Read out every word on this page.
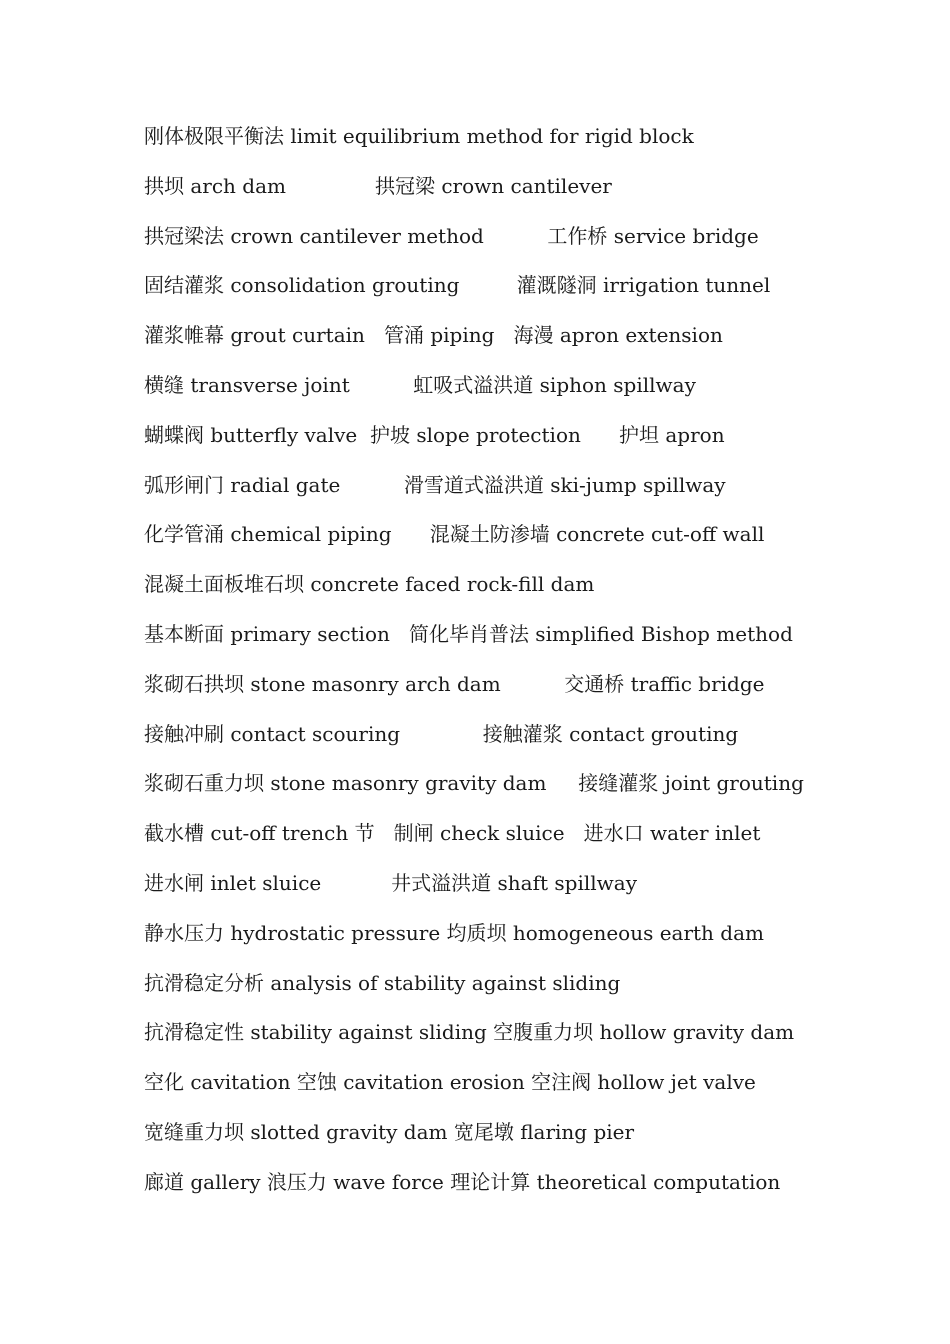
刚体极限平衡法 limit equilibrium method for rigid block
拱坝 arch dam              拱冠梁 crown cantilever
拱冠梁法 crown cantilever method          工作桥 service bridge
固结灌浆 consolidation grouting         灌溉隧洞 irrigation tunnel
灌浆帷幕 grout curtain   管涌 piping   海漫 apron extension
横缝 transverse joint          虹吸式溢洪道 siphon spillway
蝴蝶阀 butterfly valve  护坡 slope protection      护坦 apron
弧形闸门 radial gate          滑雪道式溢洪道 ski-jump spillway
化学管涌 chemical piping      混凝土防渗墙 concrete cut-off wall
混凝土面板堆石坝 concrete faced rock-fill dam
基本断面 primary section   简化毕肖普法 simplified Bishop method
浆砌石拱坝 stone masonry arch dam          交通桥 traffic bridge
接触冲刷 contact scouring             接触灌浆 contact grouting
浆砌石重力坝 stone masonry gravity dam     接缝灌浆 joint grouting
截水槽 cut-off trench 节   制闸 check sluice   进水口 water inlet
进水闸 inlet sluice           井式溢洪道 shaft spillway
静水压力 hydrostatic pressure 均质坝 homogeneous earth dam
抗滑稳定分析 analysis of stability against sliding
抗滑稳定性 stability against sliding 空腹重力坝 hollow gravity dam
空化 cavitation 空蚀 cavitation erosion 空注阀 hollow jet valve
宽缝重力坝 slotted gravity dam 宽尾墩 flaring pier
廊道 gallery 浪压力 wave force 理论计算 theoretical computation
